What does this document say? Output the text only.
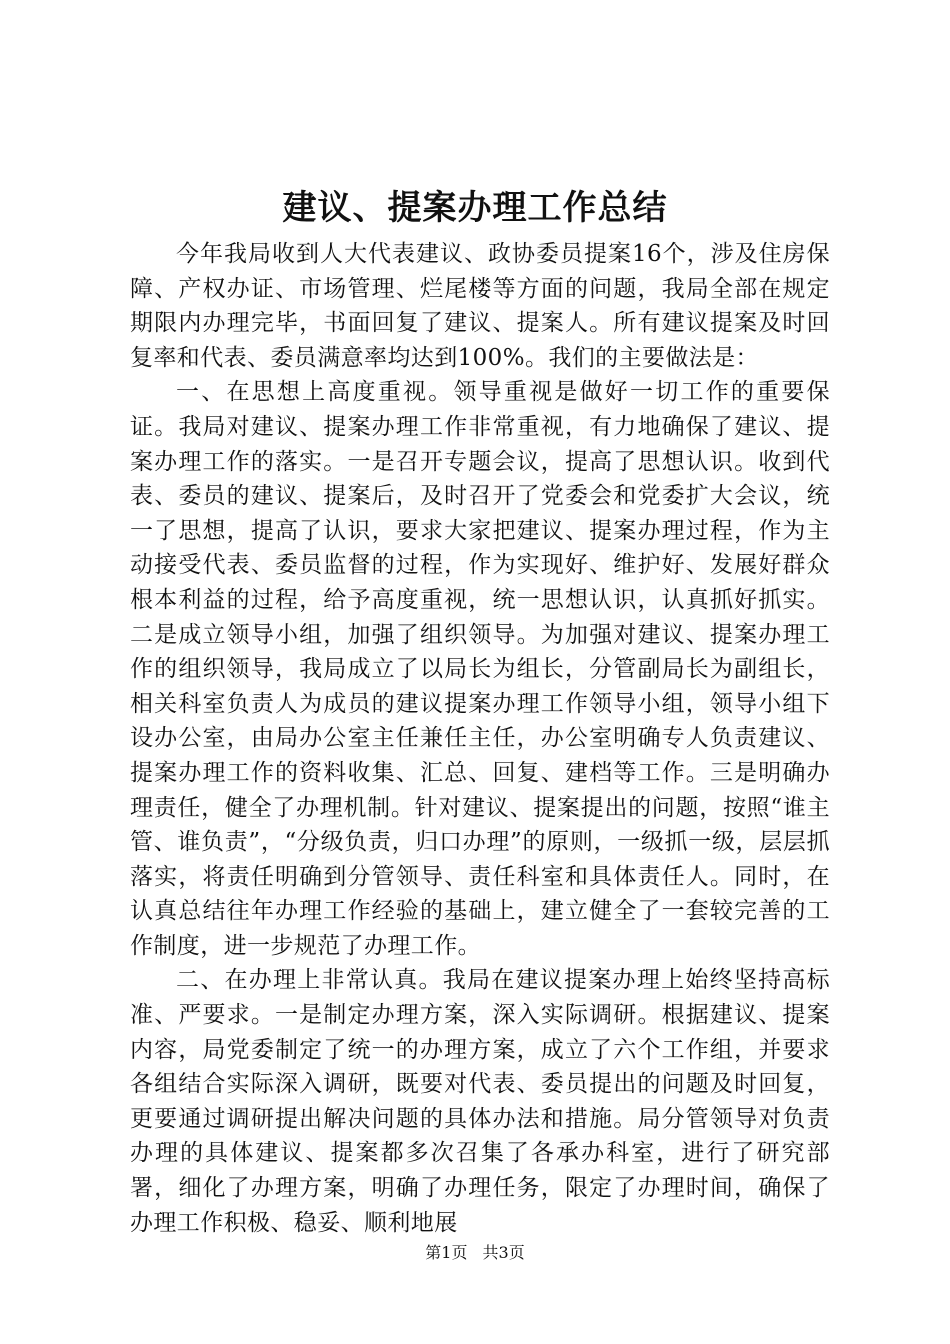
建议、提案办理工作总结

今年我局收到人大代表建议、政协委员提案16个，涉及住房保障、产权办证、市场管理、烂尾楼等方面的问题，我局全部在规定期限内办理完毕，书面回复了建议、提案人。所有建议提案及时回复率和代表、委员满意率均达到100%。我们的主要做法是：

一、在思想上高度重视。领导重视是做好一切工作的重要保证。我局对建议、提案办理工作非常重视，有力地确保了建议、提案办理工作的落实。一是召开专题会议，提高了思想认识。收到代表、委员的建议、提案后，及时召开了党委会和党委扩大会议，统一了思想，提高了认识，要求大家把建议、提案办理过程，作为主动接受代表、委员监督的过程，作为实现好、维护好、发展好群众根本利益的过程，给予高度重视，统一思想认识，认真抓好抓实。二是成立领导小组，加强了组织领导。为加强对建议、提案办理工作的组织领导，我局成立了以局长为组长，分管副局长为副组长，相关科室负责人为成员的建议提案办理工作领导小组，领导小组下设办公室，由局办公室主任兼任主任，办公室明确专人负责建议、提案办理工作的资料收集、汇总、回复、建档等工作。三是明确办理责任，健全了办理机制。针对建议、提案提出的问题，按照“谁主管、谁负责”，“分级负责，归口办理”的原则，一级抓一级，层层抓落实，将责任明确到分管领导、责任科室和具体责任人。同时，在认真总结往年办理工作经验的基础上，建立健全了一套较完善的工作制度，进一步规范了办理工作。

二、在办理上非常认真。我局在建议提案办理上始终坚持高标准、严要求。一是制定办理方案，深入实际调研。根据建议、提案内容，局党委制定了统一的办理方案，成立了六个工作组，并要求各组结合实际深入调研，既要对代表、委员提出的问题及时回复，更要通过调研提出解决问题的具体办法和措施。局分管领导对负责办理的具体建议、提案都多次召集了各承办科室，进行了研究部署，细化了办理方案，明确了办理任务，限定了办理时间，确保了办理工作积极、稳妥、顺利地展

第1页 共3页
